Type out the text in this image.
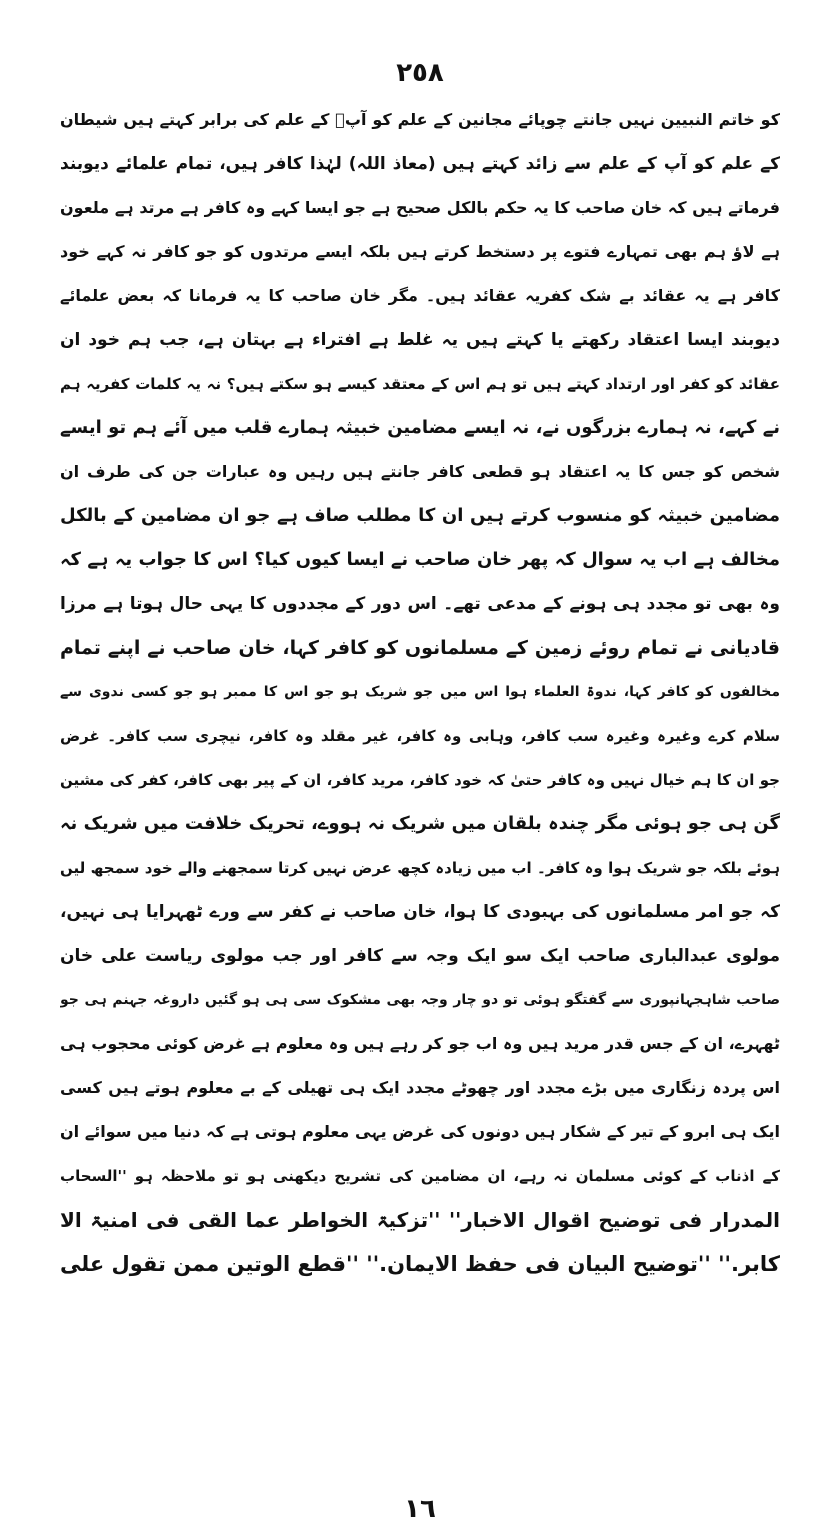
٢٥٨
کو خاتم النبیین نہیں جانتے چوپائے مجانین کے علم کو آپؐ کے علم کی برابر کہتے ہیں شیطان
کے علم کو آپ کے علم سے زائد کہتے ہیں (معاذ اللہ) لہٰذا کافر ہیں، تمام علمائے دیوبند
فرماتے ہیں کہ خان صاحب کا یہ حکم بالکل صحیح ہے جو ایسا کہے وہ کافر ہے مرتد ہے ملعون
ہے لاؤ ہم بھی تمہارے فتوے پر دستخط کرتے ہیں بلکہ ایسے مرتدوں کو جو کافر نہ کہے خود
کافر ہے یہ عقائد بے شک کفریہ عقائد ہیں۔ مگر خان صاحب کا یہ فرمانا کہ بعض علمائے
دیوبند ایسا اعتقاد رکھتے یا کہتے ہیں یہ غلط ہے افتراء ہے بہتان ہے، جب ہم خود ان
عقائد کو کفر اور ارتداد کہتے ہیں تو ہم اس کے معتقد کیسے ہو سکتے ہیں؟ نہ یہ کلمات کفریہ ہم
نے کہے، نہ ہمارے بزرگوں نے، نہ ایسے مضامین خبیثہ ہمارے قلب میں آئے ہم تو ایسے
شخص کو جس کا یہ اعتقاد ہو قطعی کافر جانتے ہیں رہیں وہ عبارات جن کی طرف ان
مضامین خبیثہ کو منسوب کرتے ہیں ان کا مطلب صاف ہے جو ان مضامین کے بالکل
مخالف ہے اب یہ سوال کہ پھر خان صاحب نے ایسا کیوں کیا؟ اس کا جواب یہ ہے کہ
وہ بھی تو مجدد ہی ہونے کے مدعی تھے۔ اس دور کے مجددوں کا یہی حال ہوتا ہے مرزا
قادیانی نے تمام روئے زمین کے مسلمانوں کو کافر کہا، خان صاحب نے اپنے تمام
مخالفوں کو کافر کہا، ندوۃ العلماء ہوا اس میں جو شریک ہو جو اس کا ممبر ہو جو کسی ندوی سے
سلام کرے وغیرہ وغیرہ سب کافر، وہابی وہ کافر، غیر مقلد وہ کافر، نیچری سب کافر۔ غرض
جو ان کا ہم خیال نہیں وہ کافر حتیٰ کہ خود کافر، مرید کافر، ان کے پیر بھی کافر، کفر کی مشین
گن ہی جو ہوئی مگر چندہ بلقان میں شریک نہ ہووے، تحریک خلافت میں شریک نہ
ہوئے بلکہ جو شریک ہوا وہ کافر۔ اب میں زیادہ کچھ عرض نہیں کرتا سمجھنے والے خود سمجھ لیں
کہ جو امر مسلمانوں کی بہبودی کا ہوا، خان صاحب نے کفر سے ورے ٹھہرایا ہی نہیں،
مولوی عبدالباری صاحب ایک سو ایک وجہ سے کافر اور جب مولوی ریاست علی خان
صاحب شاہجہانپوری سے گفتگو ہوئی تو دو چار وجہ بھی مشکوک سی ہی ہو گئیں داروغہ جہنم ہی جو
ٹھہرے، ان کے جس قدر مرید ہیں وہ اب جو کر رہے ہیں وہ معلوم ہے غرض کوئی محجوب ہی
اس پردہ زنگاری میں بڑے مجدد اور چھوٹے مجدد ایک ہی تھیلی کے بے معلوم ہوتے ہیں کسی
ایک ہی ابرو کے تیر کے شکار ہیں دونوں کی غرض یہی معلوم ہوتی ہے کہ دنیا میں سوائے ان
کے اذناب کے کوئی مسلمان نہ رہے، ان مضامین کی تشریح دیکھنی ہو تو ملاحظہ ہو ''السحاب
المدرار فی توضیح اقوال الاخبار'' ''تزکیۃ الخواطر عما القی فی امنیۃ الا
کابر.'' ''توضیح البیان فی حفظ الایمان.'' ''قطع الوتین ممن تقول علی
١٦
